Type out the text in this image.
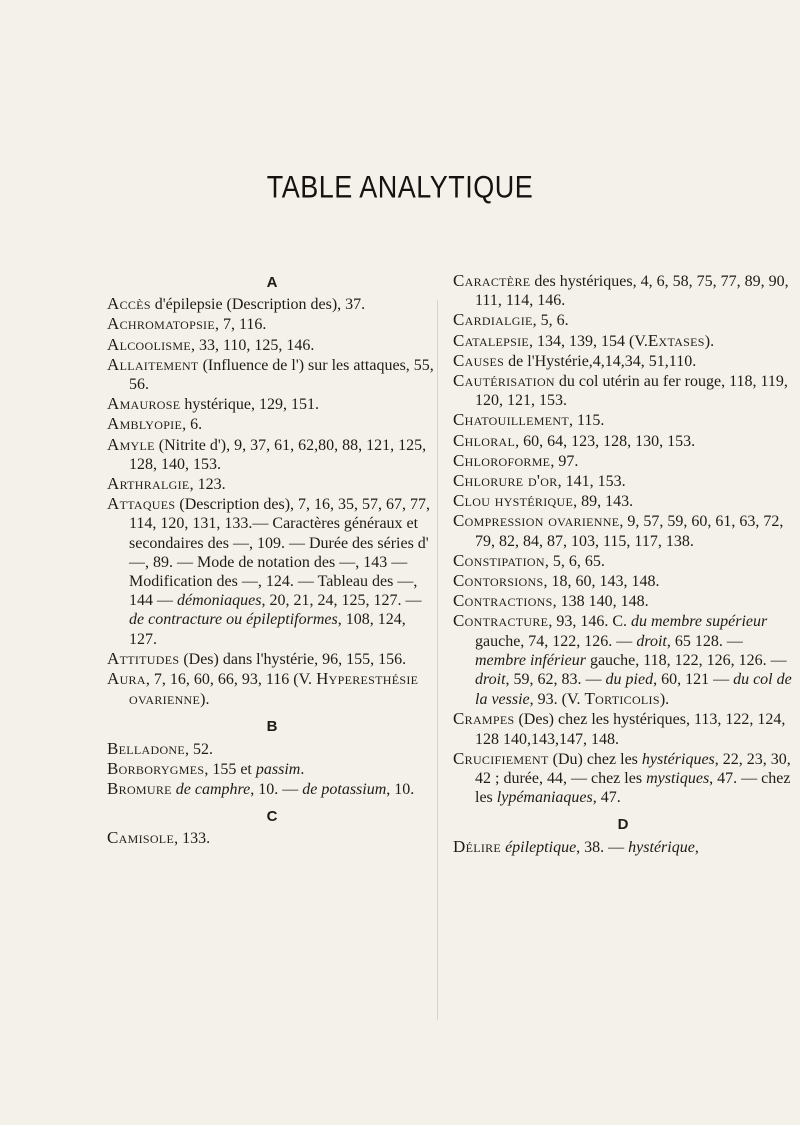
TABLE ANALYTIQUE
A

Accès d'épilepsie (Description des), 37.

Achromatopsie, 7, 116.

Alcoolisme, 33, 110, 125, 146.

Allaitement (Influence de l') sur les attaques, 55, 56.

Amaurose hystérique, 129, 151.

Amblyopie, 6.

Amyle (Nitrite d'), 9, 37, 61, 62,80, 88, 121, 125, 128, 140, 153.

Arthralgie, 123.

Attaques (Description des), 7, 16, 35, 57, 67, 77, 114, 120, 131, 133.— Caractères généraux et secondaires des —, 109. — Durée des séries d' —, 89. — Mode de notation des —, 143 — Modification des —, 124. — Tableau des —, 144 — démoniaques, 20, 21, 24, 125, 127. — de contracture ou épileptiformes, 108, 124, 127.

Attitudes (Des) dans l'hystérie, 96, 155, 156.

Aura, 7, 16, 60, 66, 93, 116 (V. Hyperesthésie ovarienne).

B

Belladone, 52.

Borborygmes, 155 et passim.

Bromure de camphre, 10. — de potassium, 10.

C

Camisole, 133.

Caractère des hystériques, 4, 6, 58, 75, 77, 89, 90, 111, 114, 146.

Cardialgie, 5, 6.

Catalepsie, 134, 139, 154 (V.Extases).

Causes de l'Hystérie,4,14,34, 51,110.

Cautérisation du col utérin au fer rouge, 118, 119, 120, 121, 153.

Chatouillement, 115.

Chloral, 60, 64, 123, 128, 130, 153.

Chloroforme, 97.

Chlorure d'or, 141, 153.

Clou hystérique, 89, 143.

Compression ovarienne, 9, 57, 59, 60, 61, 63, 72, 79, 82, 84, 87, 103, 115, 117, 138.

Constipation, 5, 6, 65.

Contorsions, 18, 60, 143, 148.

Contractions, 138 140, 148.

Contracture, 93, 146. C. du membre supérieur gauche, 74, 122, 126. — droit, 65 128. — membre inférieur gauche, 118, 122, 126, 126. — droit, 59, 62, 83. — du pied, 60, 121 — du col de la vessie, 93. (V. Torticolis).

Crampes (Des) chez les hystériques, 113, 122, 124, 128 140,143,147, 148.

Crucifiement (Du) chez les hystériques, 22, 23, 30, 42 ; durée, 44, — chez les mystiques, 47. — chez les lypémaniaques, 47.

D

Délire épileptique, 38. — hystérique,
